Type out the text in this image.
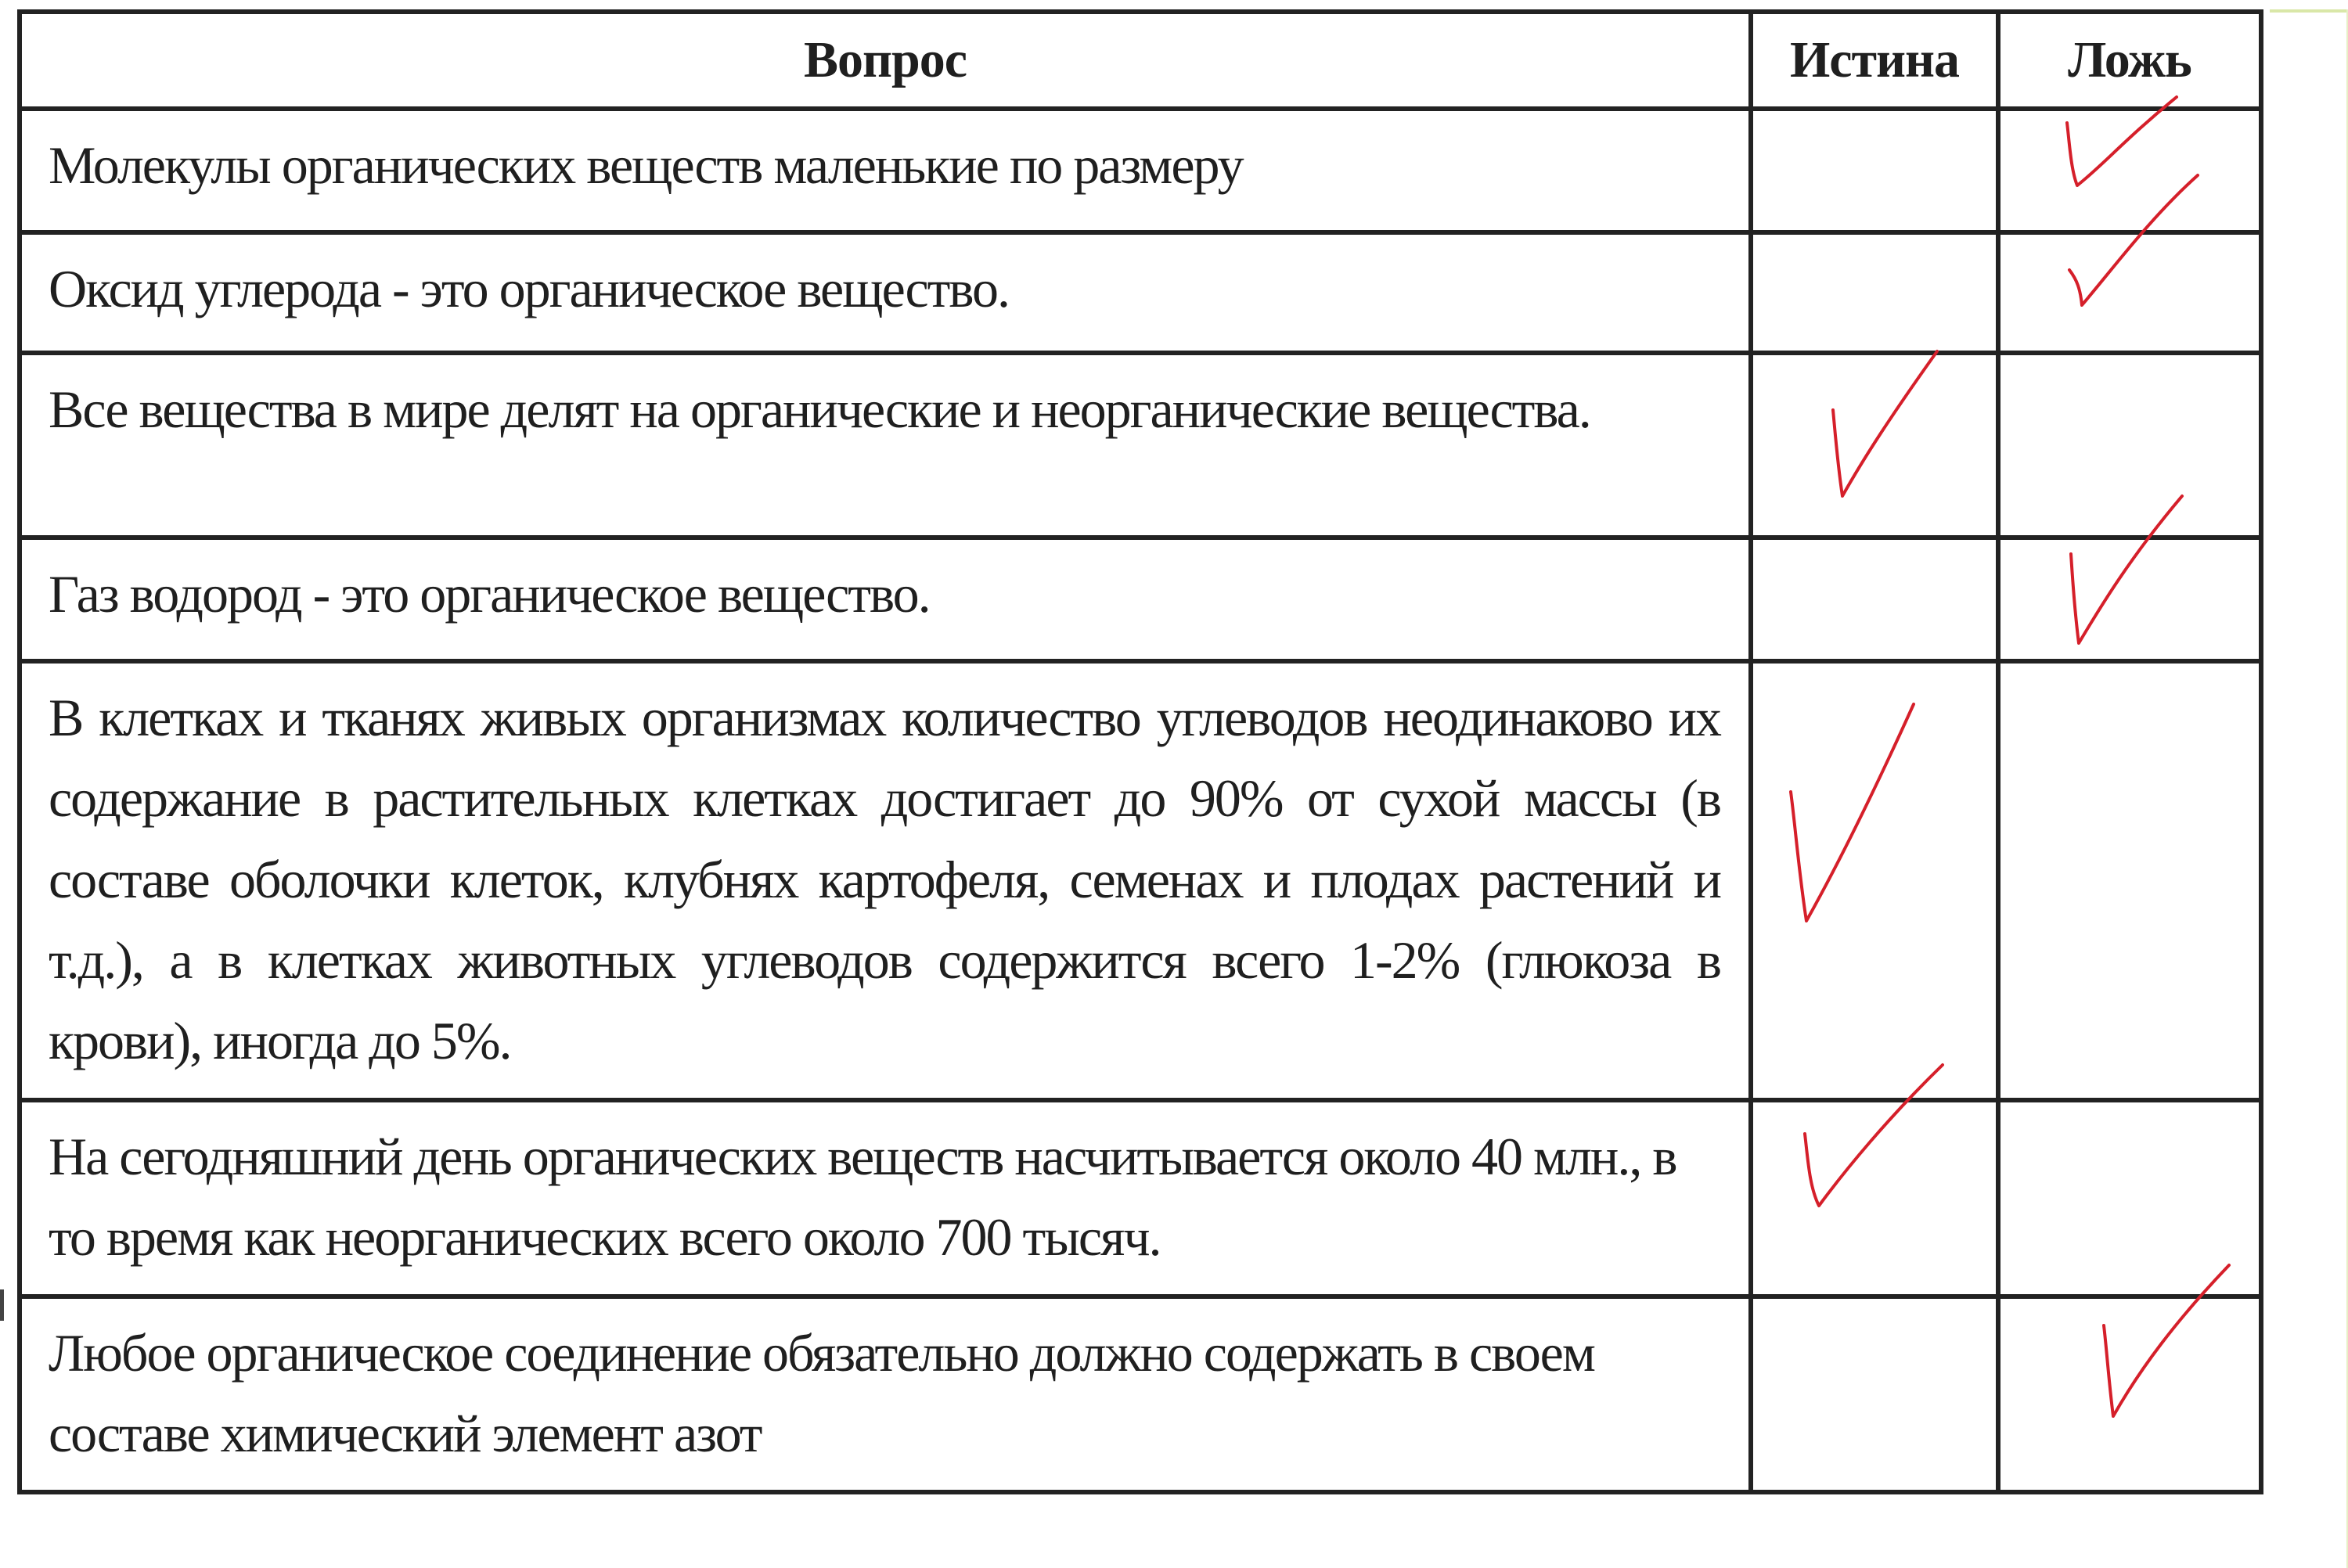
Вопрос	Истина	Ложь
Молекулы органических веществ маленькие по размеру		

Оксид углерода - это органическое вещество.		

Все вещества в мире делят на органические и неорганические вещества.	

Газ водород - это органическое вещество.		

В клетках и тканях живых организмах количество углеводов неодинаково их содержание в растительных клетках достигает до 90% от сухой массы (в составе оболочки клеток, клубнях картофеля, семенах и плодах растений и т.д.), а в клетках животных углеводов содержится всего 1-2% (глюкоза в крови), иногда до 5%.	

На сегодняшний день органических веществ насчитывается около 40 млн., в то время как неорганических всего около 700 тысяч.	

Любое органическое соединение обязательно должно содержать в своем составе химический элемент азот		
